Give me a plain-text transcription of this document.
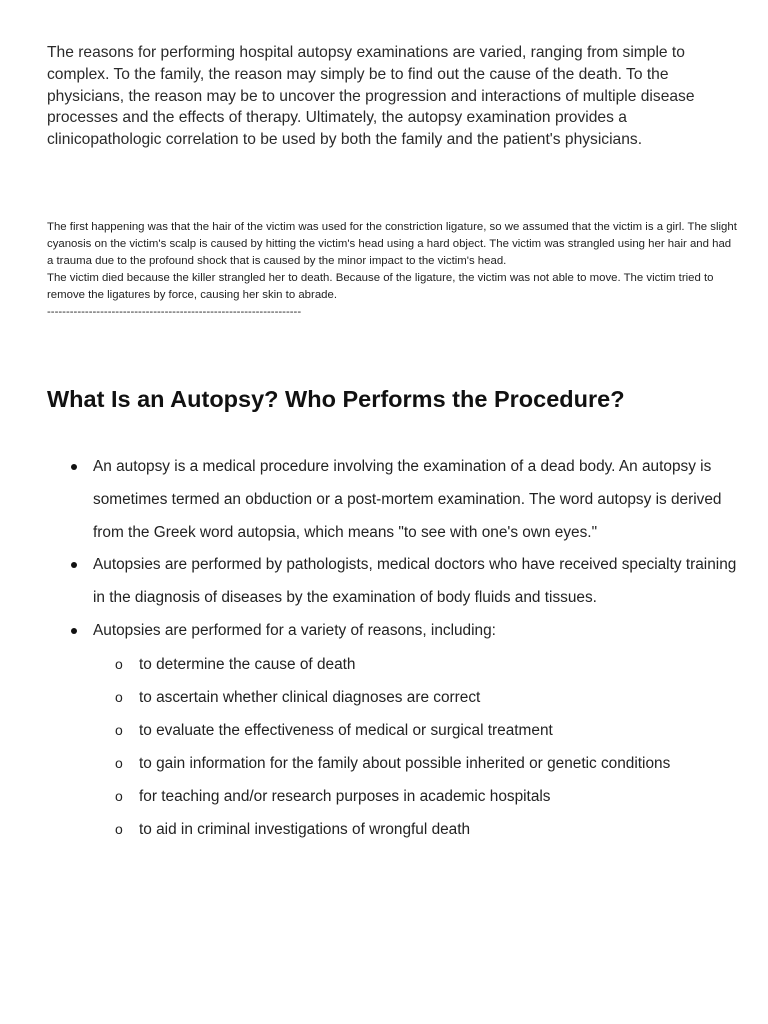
The reasons for performing hospital autopsy examinations are varied, ranging from simple to complex. To the family, the reason may simply be to find out the cause of the death. To the physicians, the reason may be to uncover the progression and interactions of multiple disease processes and the effects of therapy. Ultimately, the autopsy examination provides a clinicopathologic correlation to be used by both the family and the patient's physicians.

The first happening was that the hair of the victim was used for the constriction ligature, so we assumed that the victim is a girl. The slight cyanosis on the victim's scalp is caused by hitting the victim's head using a hard object. The victim was strangled using her hair and had a trauma due to the profound shock that is caused by the minor impact to the victim's head.

The victim died because the killer strangled her to death. Because of the ligature, the victim was not able to move. The victim tried to remove the ligatures by force, causing her skin to abrade.

-------------------------------------------------------------------
What Is an Autopsy? Who Performs the Procedure?
An autopsy is a medical procedure involving the examination of a dead body. An autopsy is sometimes termed an obduction or a post-mortem examination. The word autopsy is derived from the Greek word autopsia, which means "to see with one's own eyes."
Autopsies are performed by pathologists, medical doctors who have received specialty training in the diagnosis of diseases by the examination of body fluids and tissues.
Autopsies are performed for a variety of reasons, including:
o to determine the cause of death
o to ascertain whether clinical diagnoses are correct
o to evaluate the effectiveness of medical or surgical treatment
o to gain information for the family about possible inherited or genetic conditions
o for teaching and/or research purposes in academic hospitals
o to aid in criminal investigations of wrongful death
